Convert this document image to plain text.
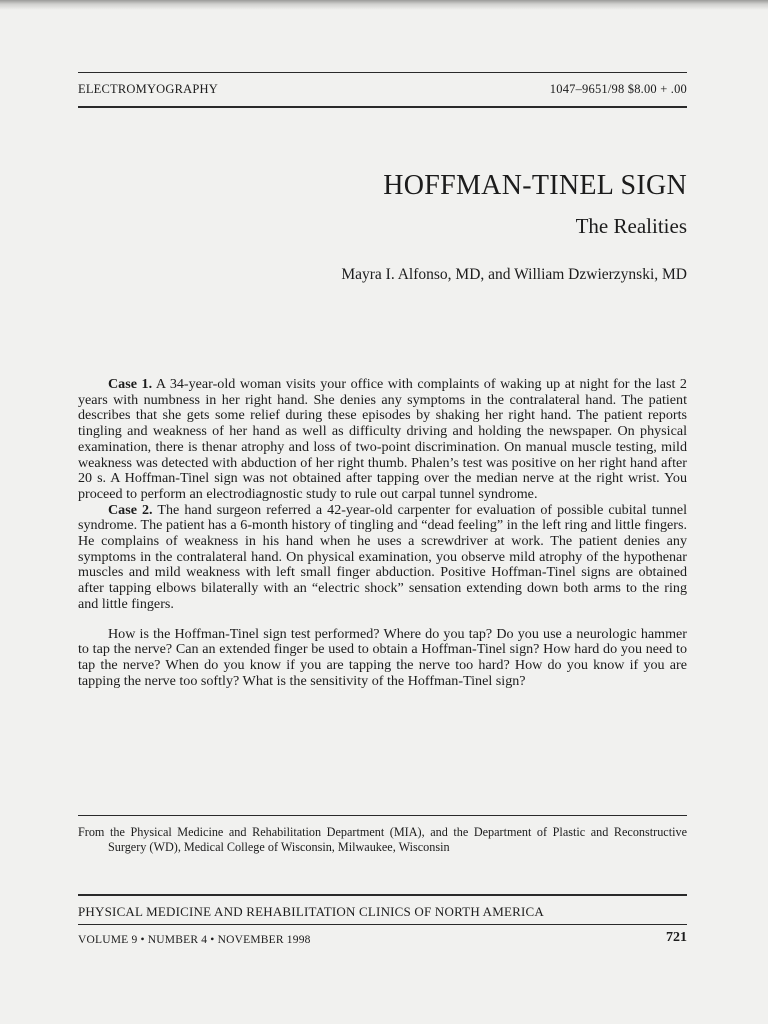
ELECTROMYOGRAPHY	1047–9651/98 $8.00 + .00
HOFFMAN-TINEL SIGN
The Realities
Mayra I. Alfonso, MD, and William Dzwierzynski, MD

Case 1. A 34-year-old woman visits your office with complaints of waking up at night for the last 2 years with numbness in her right hand. She denies any symptoms in the contralateral hand. The patient describes that she gets some relief during these episodes by shaking her right hand. The patient reports tingling and weakness of her hand as well as difficulty driving and holding the newspaper. On physical examination, there is thenar atrophy and loss of two-point discrimination. On manual muscle testing, mild weakness was detected with abduction of her right thumb. Phalen’s test was positive on her right hand after 20 s. A Hoffman-Tinel sign was not obtained after tapping over the median nerve at the right wrist. You proceed to perform an electrodiagnostic study to rule out carpal tunnel syndrome.

Case 2. The hand surgeon referred a 42-year-old carpenter for evaluation of possible cubital tunnel syndrome. The patient has a 6-month history of tingling and “dead feeling” in the left ring and little fingers. He complains of weakness in his hand when he uses a screwdriver at work. The patient denies any symptoms in the contralateral hand. On physical examination, you observe mild atrophy of the hypothenar muscles and mild weakness with left small finger abduction. Positive Hoffman-Tinel signs are obtained after tapping elbows bilaterally with an “electric shock” sensation extending down both arms to the ring and little fingers.

How is the Hoffman-Tinel sign test performed? Where do you tap? Do you use a neurologic hammer to tap the nerve? Can an extended finger be used to obtain a Hoffman-Tinel sign? How hard do you need to tap the nerve? When do you know if you are tapping the nerve too hard? How do you know if you are tapping the nerve too softly? What is the sensitivity of the Hoffman-Tinel sign?

From the Physical Medicine and Rehabilitation Department (MIA), and the Department of Plastic and Reconstructive Surgery (WD), Medical College of Wisconsin, Milwaukee, Wisconsin
PHYSICAL MEDICINE AND REHABILITATION CLINICS OF NORTH AMERICA
VOLUME 9 • NUMBER 4 • NOVEMBER 1998	721
